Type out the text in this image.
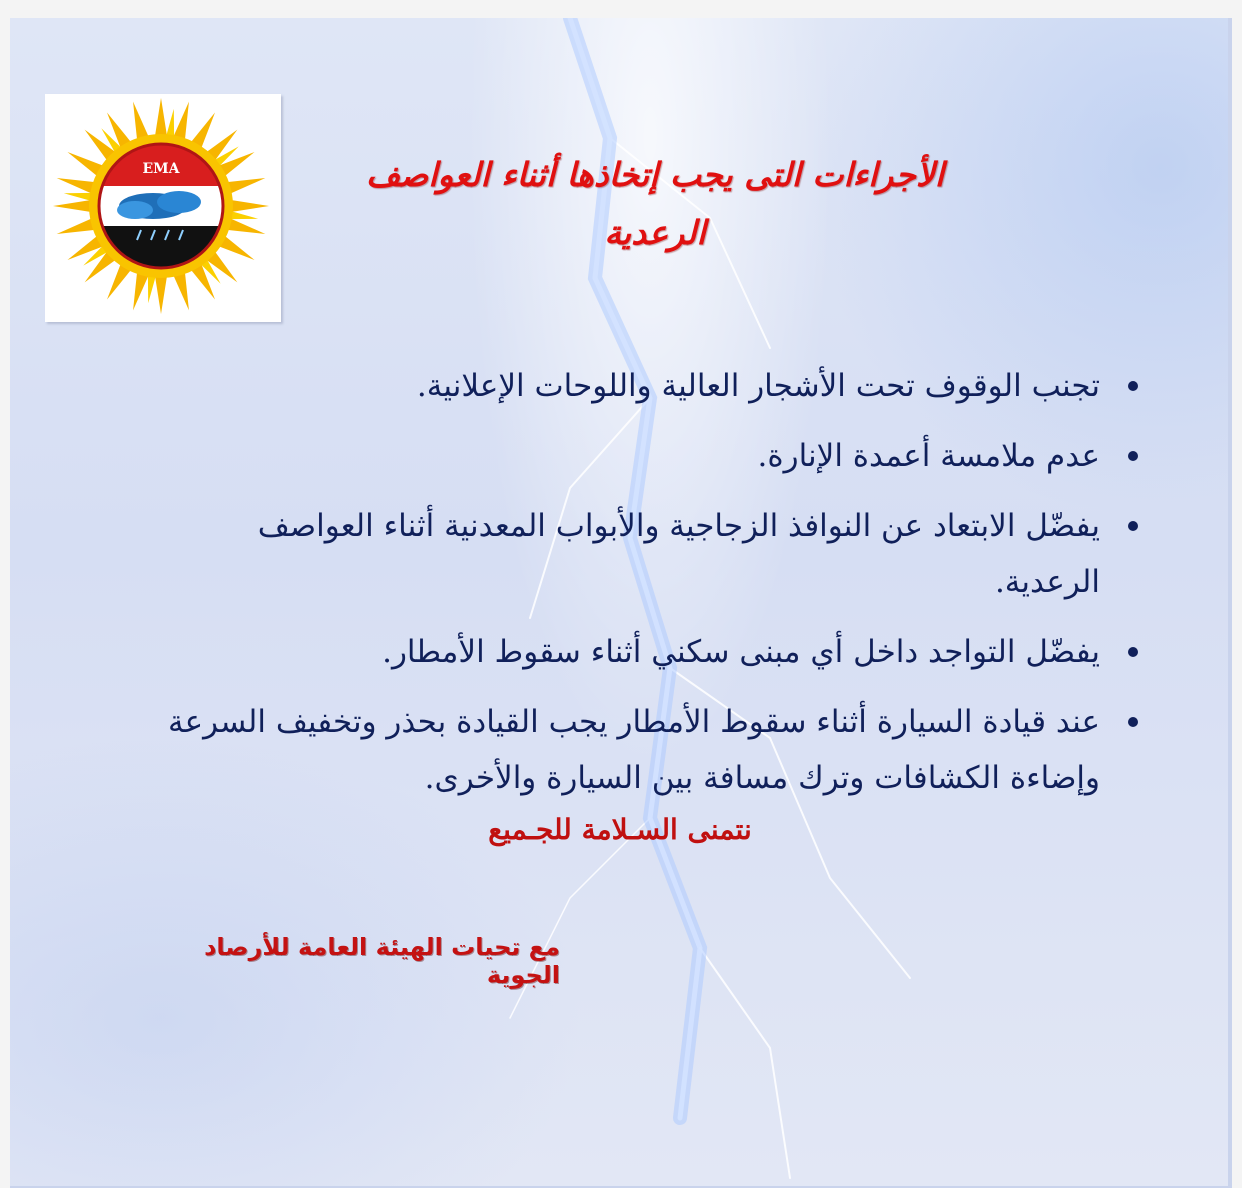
EMA	الأجراءات التى يجب إتخاذها أثناء العواصف
الرعدية
تجنب الوقوف تحت الأشجار العالية واللوحات الإعلانية.
عدم ملامسة أعمدة الإنارة.
يفضّل الابتعاد عن النوافذ الزجاجية والأبواب المعدنية أثناء العواصف الرعدية.
يفضّل التواجد داخل أي مبنى سكني أثناء سقوط الأمطار.
عند قيادة السيارة أثناء سقوط الأمطار يجب القيادة بحذر وتخفيف السرعة وإضاءة الكشافات وترك مسافة بين السيارة والأخرى.
نتمنى السـلامة للجـميع
مع تحيات الهيئة العامة للأرصاد الجوية
